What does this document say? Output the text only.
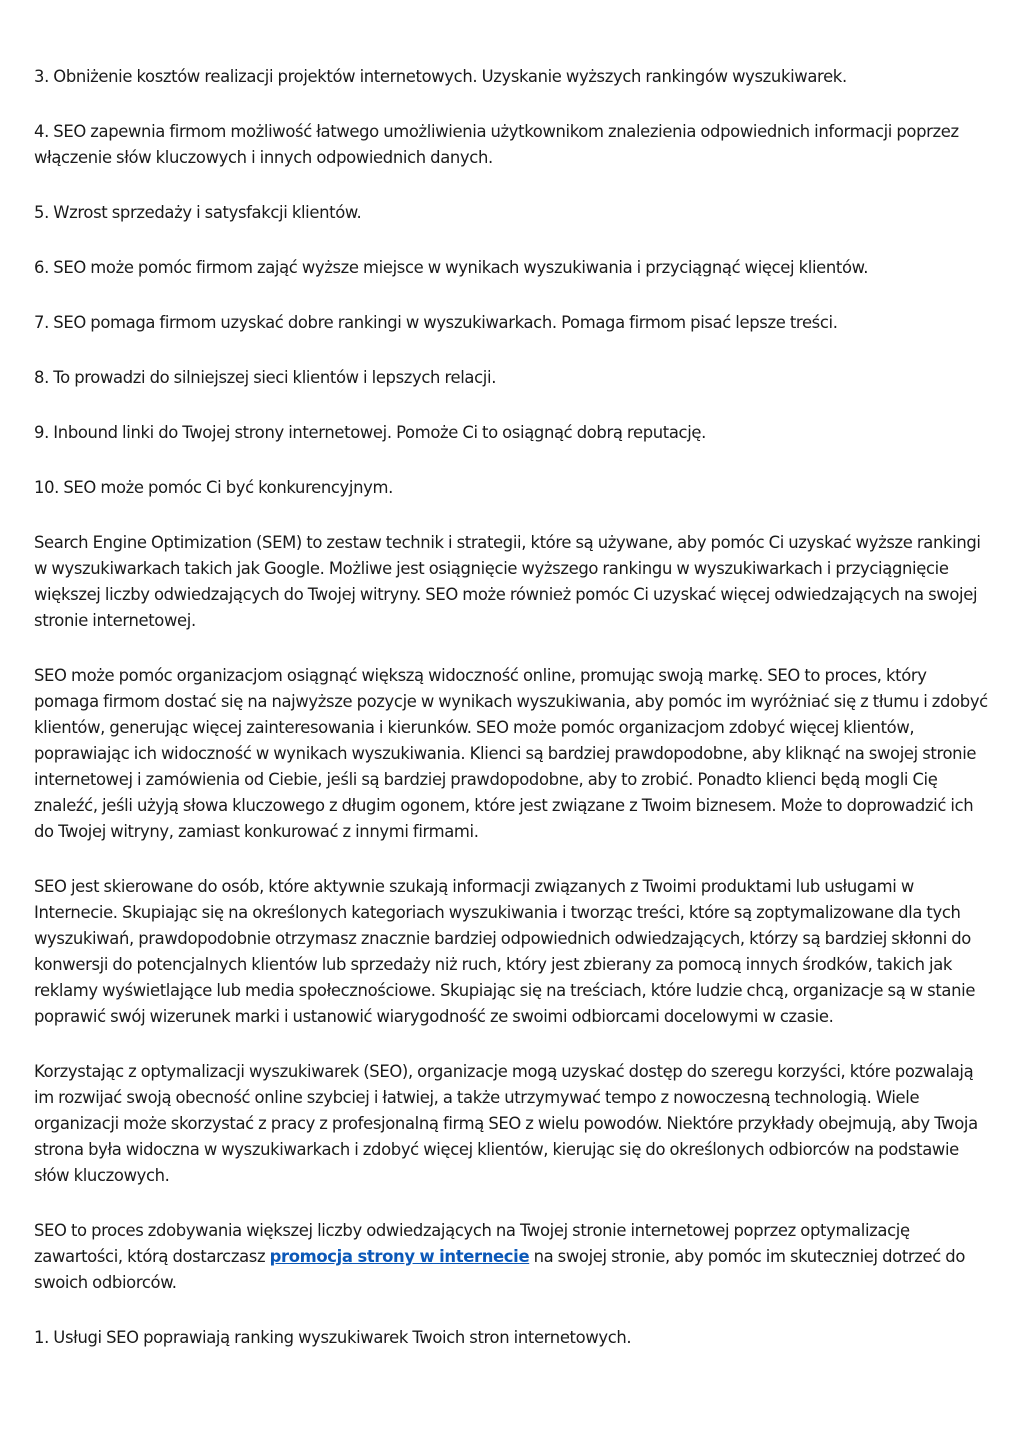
3. Obniżenie kosztów realizacji projektów internetowych. Uzyskanie wyższych rankingów wyszukiwarek.

4. SEO zapewnia firmom możliwość łatwego umożliwienia użytkownikom znalezienia odpowiednich informacji poprzez włączenie słów kluczowych i innych odpowiednich danych.

5. Wzrost sprzedaży i satysfakcji klientów.

6. SEO może pomóc firmom zająć wyższe miejsce w wynikach wyszukiwania i przyciągnąć więcej klientów.

7. SEO pomaga firmom uzyskać dobre rankingi w wyszukiwarkach. Pomaga firmom pisać lepsze treści.

8. To prowadzi do silniejszej sieci klientów i lepszych relacji.

9. Inbound linki do Twojej strony internetowej. Pomoże Ci to osiągnąć dobrą reputację.

10. SEO może pomóc Ci być konkurencyjnym.

Search Engine Optimization (SEM) to zestaw technik i strategii, które są używane, aby pomóc Ci uzyskać wyższe rankingi w wyszukiwarkach takich jak Google. Możliwe jest osiągnięcie wyższego rankingu w wyszukiwarkach i przyciągnięcie większej liczby odwiedzających do Twojej witryny. SEO może również pomóc Ci uzyskać więcej odwiedzających na swojej stronie internetowej.

SEO może pomóc organizacjom osiągnąć większą widoczność online, promując swoją markę. SEO to proces, który pomaga firmom dostać się na najwyższe pozycje w wynikach wyszukiwania, aby pomóc im wyróżniać się z tłumu i zdobyć klientów, generując więcej zainteresowania i kierunków. SEO może pomóc organizacjom zdobyć więcej klientów, poprawiając ich widoczność w wynikach wyszukiwania. Klienci są bardziej prawdopodobne, aby kliknąć na swojej stronie internetowej i zamówienia od Ciebie, jeśli są bardziej prawdopodobne, aby to zrobić. Ponadto klienci będą mogli Cię znaleźć, jeśli użyją słowa kluczowego z długim ogonem, które jest związane z Twoim biznesem. Może to doprowadzić ich do Twojej witryny, zamiast konkurować z innymi firmami.

SEO jest skierowane do osób, które aktywnie szukają informacji związanych z Twoimi produktami lub usługami w Internecie. Skupiając się na określonych kategoriach wyszukiwania i tworząc treści, które są zoptymalizowane dla tych wyszukiwań, prawdopodobnie otrzymasz znacznie bardziej odpowiednich odwiedzających, którzy są bardziej skłonni do konwersji do potencjalnych klientów lub sprzedaży niż ruch, który jest zbierany za pomocą innych środków, takich jak reklamy wyświetlające lub media społecznościowe. Skupiając się na treściach, które ludzie chcą, organizacje są w stanie poprawić swój wizerunek marki i ustanowić wiarygodność ze swoimi odbiorcami docelowymi w czasie.

Korzystając z optymalizacji wyszukiwarek (SEO), organizacje mogą uzyskać dostęp do szeregu korzyści, które pozwalają im rozwijać swoją obecność online szybciej i łatwiej, a także utrzymywać tempo z nowoczesną technologią. Wiele organizacji może skorzystać z pracy z profesjonalną firmą SEO z wielu powodów. Niektóre przykłady obejmują, aby Twoja strona była widoczna w wyszukiwarkach i zdobyć więcej klientów, kierując się do określonych odbiorców na podstawie słów kluczowych.

SEO to proces zdobywania większej liczby odwiedzających na Twojej stronie internetowej poprzez optymalizację zawartości, którą dostarczasz promocja strony w internecie na swojej stronie, aby pomóc im skuteczniej dotrzeć do swoich odbiorców.

1. Usługi SEO poprawiają ranking wyszukiwarek Twoich stron internetowych.
